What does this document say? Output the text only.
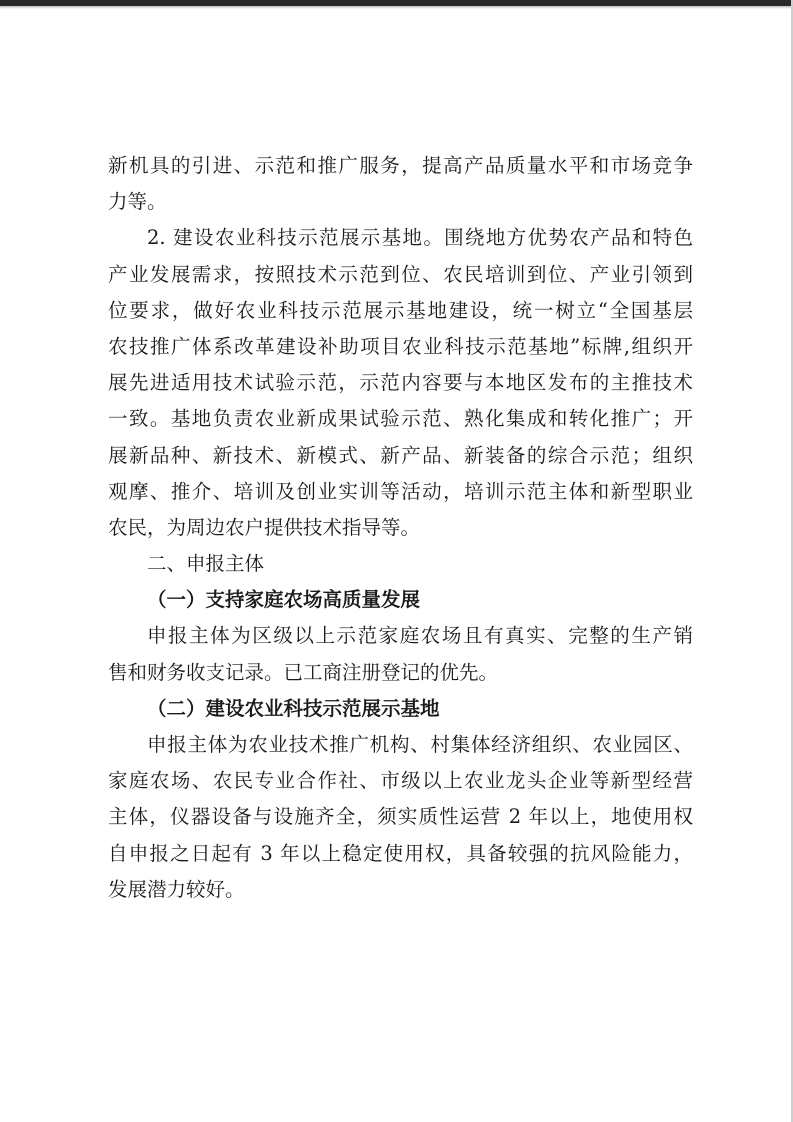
新机具的引进、示范和推广服务，提高产品质量水平和市场竞争
力等。
2. 建设农业科技示范展示基地。围绕地方优势农产品和特色
产业发展需求，按照技术示范到位、农民培训到位、产业引领到
位要求，做好农业科技示范展示基地建设，统一树立“全国基层
农技推广体系改革建设补助项目农业科技示范基地”标牌,组织开
展先进适用技术试验示范，示范内容要与本地区发布的主推技术
一致。基地负责农业新成果试验示范、熟化集成和转化推广；开
展新品种、新技术、新模式、新产品、新装备的综合示范；组织
观摩、推介、培训及创业实训等活动，培训示范主体和新型职业
农民，为周边农户提供技术指导等。
二、申报主体
（一）支持家庭农场高质量发展
申报主体为区级以上示范家庭农场且有真实、完整的生产销
售和财务收支记录。已工商注册登记的优先。
（二）建设农业科技示范展示基地
申报主体为农业技术推广机构、村集体经济组织、农业园区、
家庭农场、农民专业合作社、市级以上农业龙头企业等新型经营
主体，仪器设备与设施齐全，须实质性运营 2 年以上，地使用权
自申报之日起有 3 年以上稳定使用权，具备较强的抗风险能力，
发展潜力较好。
